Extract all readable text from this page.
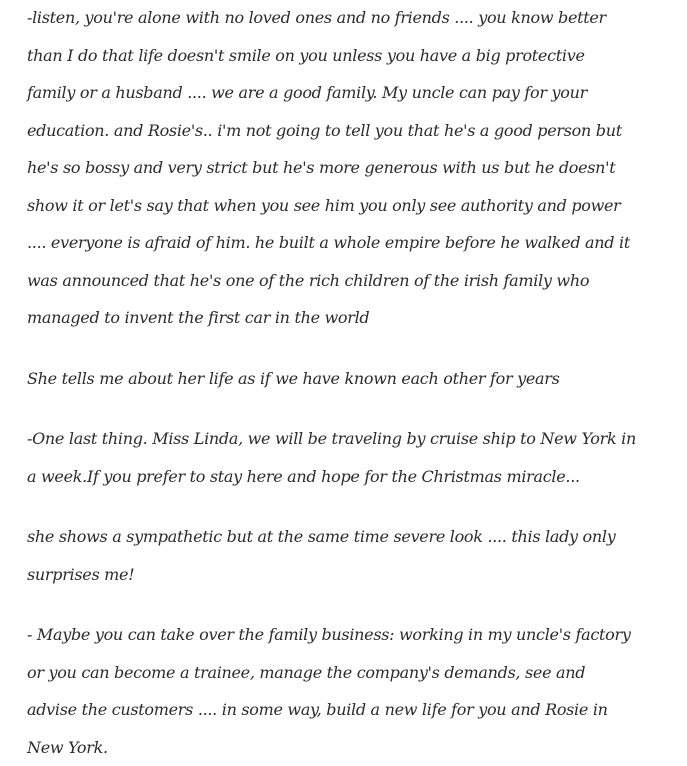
-listen, you're alone with no loved ones and no friends .... you know better than I do that life doesn't smile on you unless you have a big protective family or a husband .... we are a good family. My uncle can pay for your education. and Rosie's.. i'm not going to tell you that he's a good person but he's so bossy and very strict but he's more generous with us but he doesn't show it or let's say that when you see him you only see authority and power .... everyone is afraid of him. he built a whole empire before he walked and it was announced that he's one of the rich children of the irish family who managed to invent the first car in the world

She tells me about her life as if we have known each other for years

-One last thing. Miss Linda, we will be traveling by cruise ship to New York in a week.If you prefer to stay here and hope for the Christmas miracle...

she shows a sympathetic but at the same time severe look .... this lady only surprises me!

- Maybe you can take over the family business: working in my uncle's factory or you can become a trainee, manage the company's demands, see and advise the customers .... in some way, build a new life for you and Rosie in New York.
